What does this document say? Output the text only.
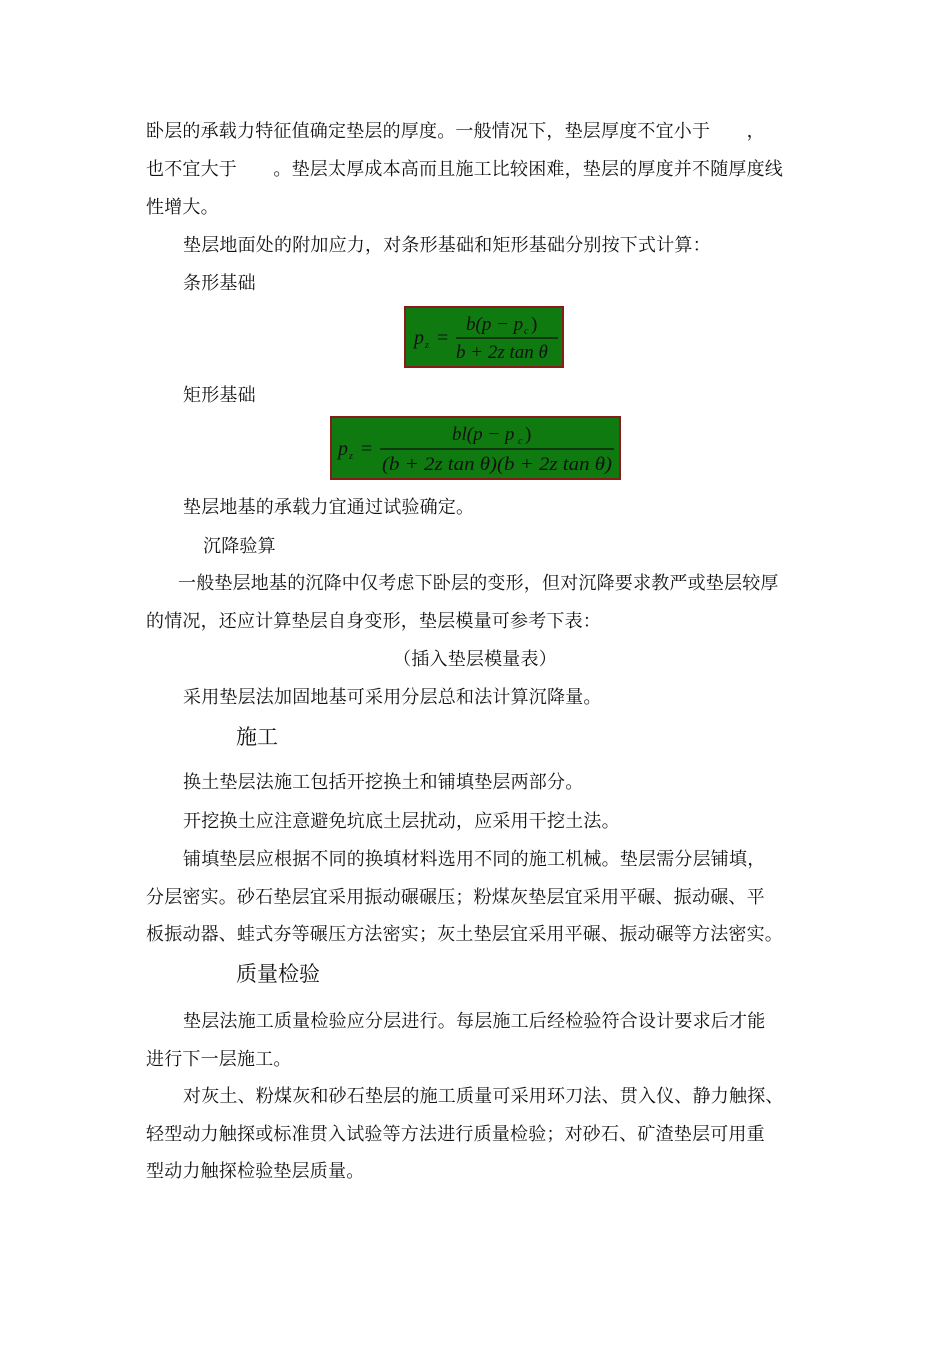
卧层的承载力特征值确定垫层的厚度。一般情况下，垫层厚度不宜小于　　，
也不宜大于　　。垫层太厚成本高而且施工比较困难，垫层的厚度并不随厚度线
性增大。
垫层地面处的附加应力，对条形基础和矩形基础分别按下式计算：
条形基础
p z =
b(p − p c )
b + 2z tan θ
矩形基础
p z =
bl(p − p c )
(b + 2z tan θ)(b + 2z tan θ)
垫层地基的承载力宜通过试验确定。
沉降验算
一般垫层地基的沉降中仅考虑下卧层的变形，但对沉降要求教严或垫层较厚
的情况，还应计算垫层自身变形，垫层模量可参考下表：
（插入垫层模量表）
采用垫层法加固地基可采用分层总和法计算沉降量。
施工
换土垫层法施工包括开挖换土和铺填垫层两部分。
开挖换土应注意避免坑底土层扰动，应采用干挖土法。
铺填垫层应根据不同的换填材料选用不同的施工机械。垫层需分层铺填，
分层密实。砂石垫层宜采用振动碾碾压；粉煤灰垫层宜采用平碾、振动碾、平
板振动器、蛙式夯等碾压方法密实；灰土垫层宜采用平碾、振动碾等方法密实。
质量检验
垫层法施工质量检验应分层进行。每层施工后经检验符合设计要求后才能
进行下一层施工。
对灰土、粉煤灰和砂石垫层的施工质量可采用环刀法、贯入仪、静力触探、
轻型动力触探或标准贯入试验等方法进行质量检验；对砂石、矿渣垫层可用重
型动力触探检验垫层质量。
